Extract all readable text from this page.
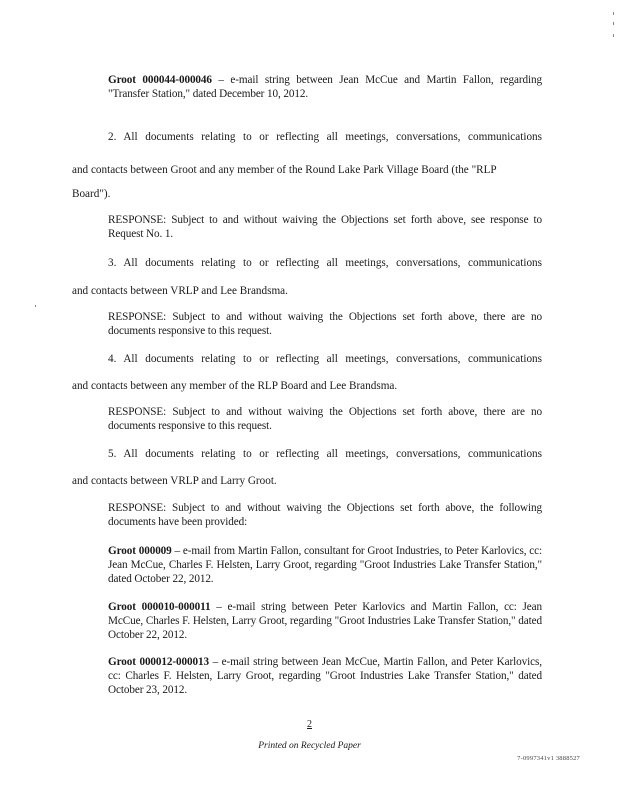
Groot 000044-000046 – e-mail string between Jean McCue and Martin Fallon, regarding "Transfer Station," dated December 10, 2012.
2. All documents relating to or reflecting all meetings, conversations, communications
and contacts between Groot and any member of the Round Lake Park Village Board (the "RLP
Board").
RESPONSE: Subject to and without waiving the Objections set forth above, see response to Request No. 1.
3. All documents relating to or reflecting all meetings, conversations, communications
and contacts between VRLP and Lee Brandsma.
RESPONSE: Subject to and without waiving the Objections set forth above, there are no documents responsive to this request.
4. All documents relating to or reflecting all meetings, conversations, communications
and contacts between any member of the RLP Board and Lee Brandsma.
RESPONSE: Subject to and without waiving the Objections set forth above, there are no documents responsive to this request.
5. All documents relating to or reflecting all meetings, conversations, communications
and contacts between VRLP and Larry Groot.
RESPONSE: Subject to and without waiving the Objections set forth above, the following documents have been provided:
Groot 000009 – e-mail from Martin Fallon, consultant for Groot Industries, to Peter Karlovics, cc: Jean McCue, Charles F. Helsten, Larry Groot, regarding "Groot Industries Lake Transfer Station," dated October 22, 2012.
Groot 000010-000011 – e-mail string between Peter Karlovics and Martin Fallon, cc: Jean McCue, Charles F. Helsten, Larry Groot, regarding "Groot Industries Lake Transfer Station," dated October 22, 2012.
Groot 000012-000013 – e-mail string between Jean McCue, Martin Fallon, and Peter Karlovics, cc: Charles F. Helsten, Larry Groot, regarding "Groot Industries Lake Transfer Station," dated October 23, 2012.
2
Printed on Recycled Paper
7-0997341v1 3888527
